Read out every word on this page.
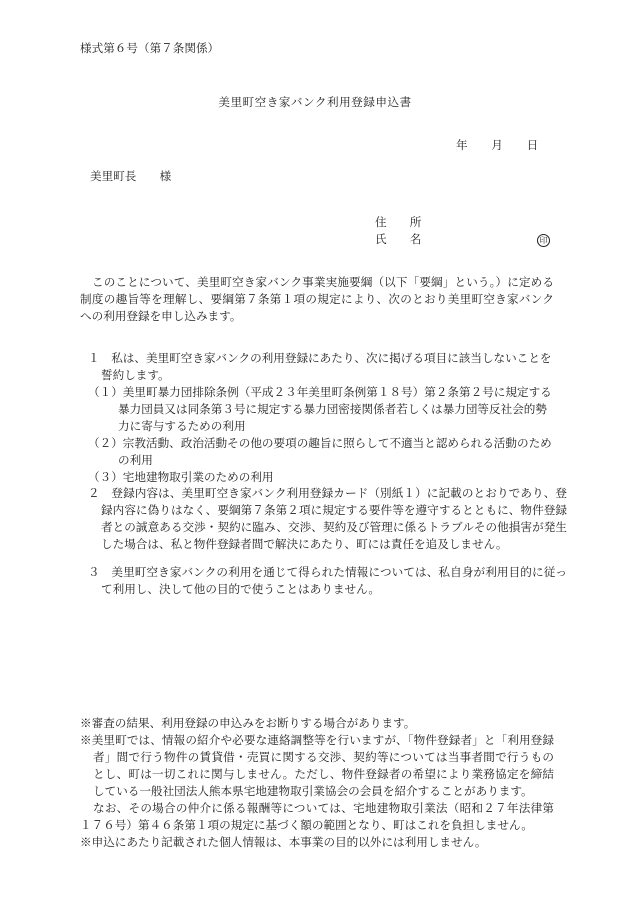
様式第６号（第７条関係）
美里町空き家バンク利用登録申込書
年 月 日
美里町長　　様
住　　所
氏　　名	印

このことについて、美里町空き家バンク事業実施要綱（以下「要綱」という。）に定める制度の趣旨等を理解し、要綱第７条第１項の規定により、次のとおり美里町空き家バンクへの利用登録を申し込みます。

１　私は、美里町空き家バンクの利用登録にあたり、次に掲げる項目に該当しないことを誓約します。

（１）美里町暴力団排除条例（平成２３年美里町条例第１８号）第２条第２号に規定する暴力団員又は同条第３号に規定する暴力団密接関係者若しくは暴力団等反社会的勢力に寄与するための利用

（２）宗教活動、政治活動その他の要項の趣旨に照らして不適当と認められる活動のための利用

（３）宅地建物取引業のための利用

２　登録内容は、美里町空き家バンク利用登録カード（別紙１）に記載のとおりであり、登録内容に偽りはなく、要綱第７条第２項に規定する要件等を遵守するとともに、物件登録者との誠意ある交渉・契約に臨み、交渉、契約及び管理に係るトラブルその他損害が発生した場合は、私と物件登録者間で解決にあたり、町には責任を追及しません。

３　美里町空き家バンクの利用を通じて得られた情報については、私自身が利用目的に従って利用し、決して他の目的で使うことはありません。

※審査の結果、利用登録の申込みをお断りする場合があります。

※美里町では、情報の紹介や必要な連絡調整等を行いますが、「物件登録者」と「利用登録者」間で行う物件の賃貸借・売買に関する交渉、契約等については当事者間で行うものとし、町は一切これに関与しません。ただし、物件登録者の希望により業務協定を締結している一般社団法人熊本県宅地建物取引業協会の会員を紹介することがあります。

なお、その場合の仲介に係る報酬等については、宅地建物取引業法（昭和２７年法律第１７６号）第４６条第１項の規定に基づく額の範囲となり、町はこれを負担しません。

※申込にあたり記載された個人情報は、本事業の目的以外には利用しません。
